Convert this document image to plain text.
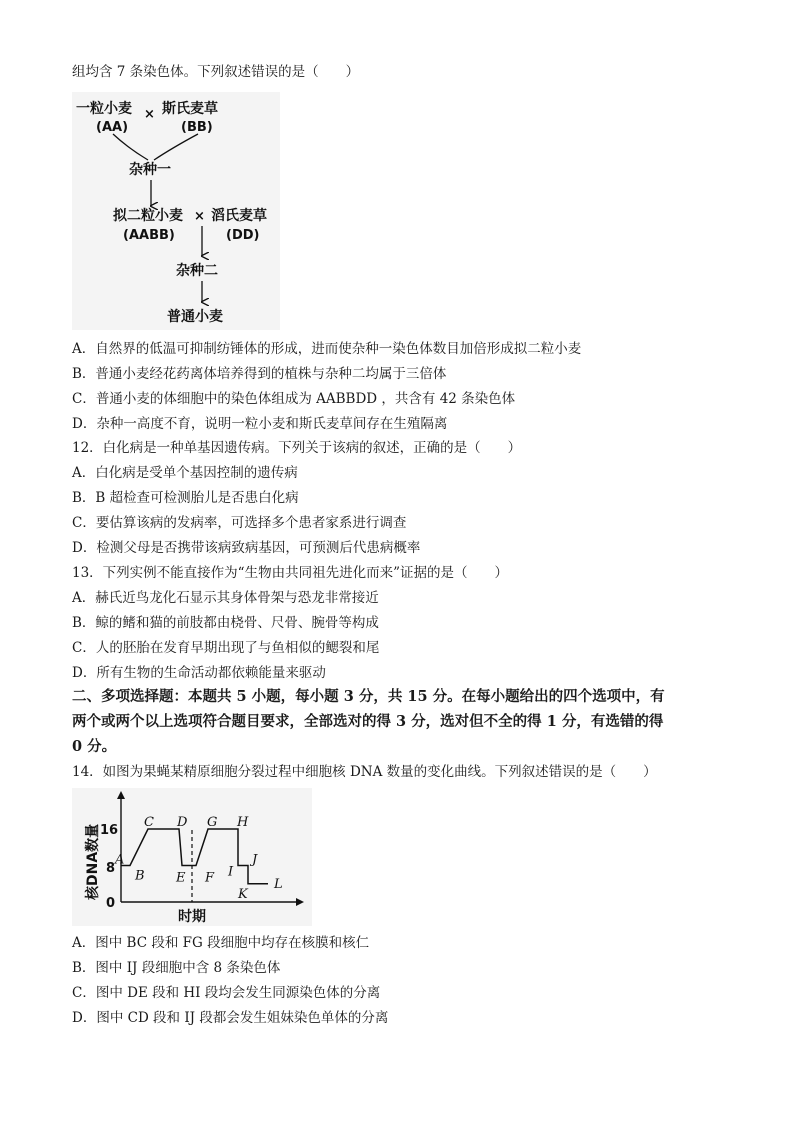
组均含 7 条染色体。下列叙述错误的是（　　）
一粒小麦
(AA)
× 斯氏麦草
(BB)
杂种一
拟二粒小麦
(AABB)
× 滔氏麦草
(DD)
杂种二
普通小麦
A．自然界的低温可抑制纺锤体的形成，进而使杂种一染色体数目加倍形成拟二粒小麦
B．普通小麦经花药离体培养得到的植株与杂种二均属于三倍体
C．普通小麦的体细胞中的染色体组成为 AABBDD ，共含有 42 条染色体
D．杂种一高度不育，说明一粒小麦和斯氏麦草间存在生殖隔离
12．白化病是一种单基因遗传病。下列关于该病的叙述，正确的是（　　）
A．白化病是受单个基因控制的遗传病
B．B 超检查可检测胎儿是否患白化病
C．要估算该病的发病率，可选择多个患者家系进行调查
D．检测父母是否携带该病致病基因，可预测后代患病概率
13．下列实例不能直接作为“生物由共同祖先进化而来”证据的是（　　）
A．赫氏近鸟龙化石显示其身体骨架与恐龙非常接近
B．鲸的鳍和猫的前肢都由桡骨、尺骨、腕骨等构成
C．人的胚胎在发育早期出现了与鱼相似的鳃裂和尾
D．所有生物的生命活动都依赖能量来驱动
二、多项选择题：本题共 5 小题，每小题 3 分，共 15 分。在每小题给出的四个选项中，有
两个或两个以上选项符合题目要求，全部选对的得 3 分，选对但不全的得 1 分，有选错的得
0 分。
14．如图为果蝇某精原细胞分裂过程中细胞核 DNA 数量的变化曲线。下列叙述错误的是（　　）
16
8
0
核DNA数量
时期
A
B
C D
E F
G H
I
J
K
L
A．图中 BC 段和 FG 段细胞中均存在核膜和核仁
B．图中 IJ 段细胞中含 8 条染色体
C．图中 DE 段和 HI 段均会发生同源染色体的分离
D．图中 CD 段和 IJ 段都会发生姐妹染色单体的分离
